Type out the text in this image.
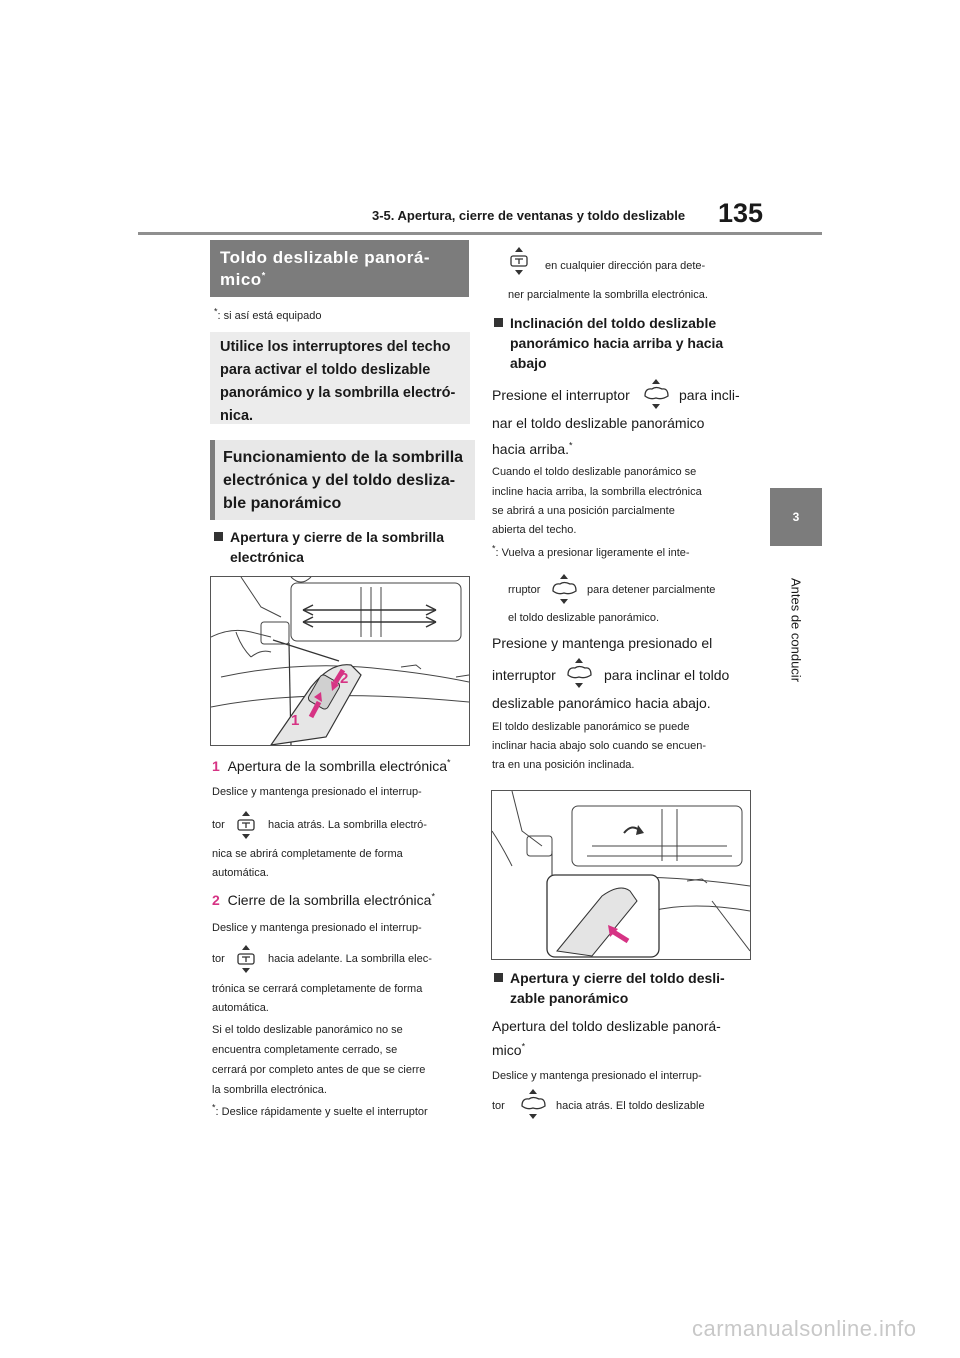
3-5. Apertura, cierre de ventanas y toldo deslizable 135
3
Antes de conducir
Toldo deslizable panorá-
mico*
*: si así está equipado
Utilice los interruptores del techo
para activar el toldo deslizable
panorámico y la sombrilla electró-
nica.
Funcionamiento de la sombrilla
electrónica y del toldo desliza-
ble panorámico
Apertura y cierre de la sombrilla
electrónica
1
2
1 Apertura de la sombrilla electrónica*
Deslice y mantenga presionado el interrup-
tor	hacia atrás. La sombrilla electró-
nica se abrirá completamente de forma
automática.
2 Cierre de la sombrilla electrónica*
Deslice y mantenga presionado el interrup-
tor	hacia adelante. La sombrilla elec-
trónica se cerrará completamente de forma
automática.
Si el toldo deslizable panorámico no se
encuentra completamente cerrado, se
cerrará por completo antes de que se cierre
la sombrilla electrónica.
*: Deslice rápidamente y suelte el interruptor
en cualquier dirección para dete-
ner parcialmente la sombrilla electrónica.
Inclinación del toldo deslizable
panorámico hacia arriba y hacia
abajo
Presione el interruptor	para incli-
nar el toldo deslizable panorámico
hacia arriba.*
Cuando el toldo deslizable panorámico se
incline hacia arriba, la sombrilla electrónica
se abrirá a una posición parcialmente
abierta del techo.
*: Vuelva a presionar ligeramente el inte-
rruptor	para detener parcialmente
el toldo deslizable panorámico.
Presione y mantenga presionado el
interruptor	para inclinar el toldo
deslizable panorámico hacia abajo.
El toldo deslizable panorámico se puede
inclinar hacia abajo solo cuando se encuen-
tra en una posición inclinada.
Apertura y cierre del toldo desli-
zable panorámico
Apertura del toldo deslizable panorá-
mico*
Deslice y mantenga presionado el interrup-
tor	hacia atrás. El toldo deslizable
carmanualsonline.info
